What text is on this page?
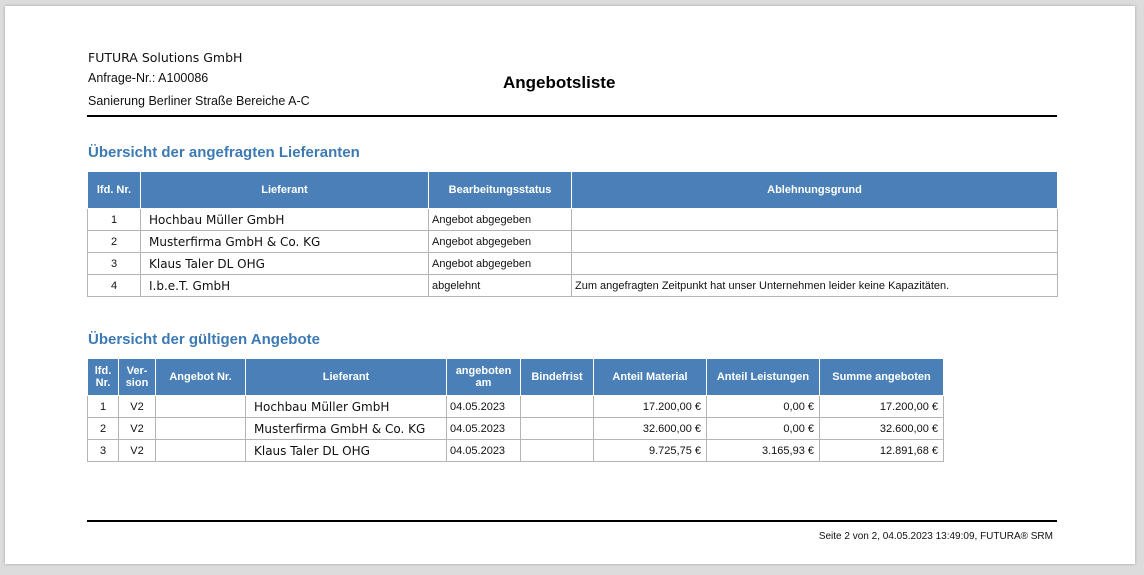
FUTURA Solutions GmbH
Anfrage-Nr.: A100086
Sanierung Berliner Straße Bereiche A-C
Angebotsliste
Übersicht der angefragten Lieferanten
lfd. Nr.	Lieferant	Bearbeitungsstatus	Ablehnungsgrund
1	Hochbau Müller GmbH	Angebot abgegeben	
2	Musterfirma GmbH & Co. KG	Angebot abgegeben	
3	Klaus Taler DL OHG	Angebot abgegeben	
4	I.b.e.T. GmbH	abgelehnt	Zum angefragten Zeitpunkt hat unser Unternehmen leider keine Kapazitäten.
Übersicht der gültigen Angebote
lfd. Nr.	Ver- sion	Angebot Nr.	Lieferant	angeboten am	Bindefrist	Anteil Material	Anteil Leistungen	Summe angeboten
1	V2		Hochbau Müller GmbH	04.05.2023		17.200,00 €	0,00 €	17.200,00 €
2	V2		Musterfirma GmbH & Co. KG	04.05.2023		32.600,00 €	0,00 €	32.600,00 €
3	V2		Klaus Taler DL OHG	04.05.2023		9.725,75 €	3.165,93 €	12.891,68 €
Seite 2 von 2, 04.05.2023 13:49:09, FUTURA® SRM
